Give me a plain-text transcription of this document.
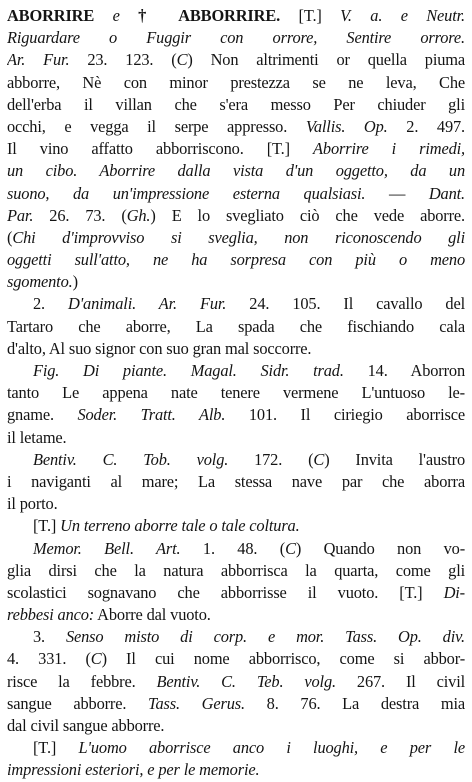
ABORRIRE e † ABBORRIRE. [T.] V. a. e Neutr.
Riguardare o Fuggir con orrore, Sentire orrore.
Ar. Fur. 23. 123. (C) Non altrimenti or quella piuma
abborre, Nè con minor prestezza se ne leva, Che
dell'erba il villan che s'era messo Per chiuder gli
occhi, e vegga il serpe appresso. Vallis. Op. 2. 497.
Il vino affatto abborriscono. [T.] Aborrire i rimedi,
un cibo. Aborrire dalla vista d'un oggetto, da un
suono, da un'impressione esterna qualsiasi. — Dant.
Par. 26. 73. (Gh.) E lo svegliato ciò che vede aborre.
(Chi d'improvviso si sveglia, non riconoscendo gli
oggetti sull'atto, ne ha sorpresa con più o meno
sgomento.)
2. D'animali. Ar. Fur. 24. 105. Il cavallo del
Tartaro che aborre, La spada che fischiando cala
d'alto, Al suo signor con suo gran mal soccorre.
Fig. Di piante. Magal. Sidr. trad. 14. Aborron
tanto Le appena nate tenere vermene L'untuoso le-
gname. Soder. Tratt. Alb. 101. Il ciriegio aborrisce
il letame.
Bentiv. C. Tob. volg. 172. (C) Invita l'austro
i naviganti al mare; La stessa nave par che aborra
il porto.
[T.] Un terreno aborre tale o tale coltura.
Memor. Bell. Art. 1. 48. (C) Quando non vo-
glia dirsi che la natura abborrisca la quarta, come gli
scolastici sognavano che abborrisse il vuoto. [T.] Di-
rebbesi anco: Aborre dal vuoto.
3. Senso misto di corp. e mor. Tass. Op. div.
4. 331. (C) Il cui nome abborrisco, come si abbor-
risce la febbre. Bentiv. C. Teb. volg. 267. Il civil
sangue abborre. Tass. Gerus. 8. 76. La destra mia
dal civil sangue abborre.
[T.] L'uomo aborrisce anco i luoghi, e per le
impressioni esteriori, e per le memorie.
